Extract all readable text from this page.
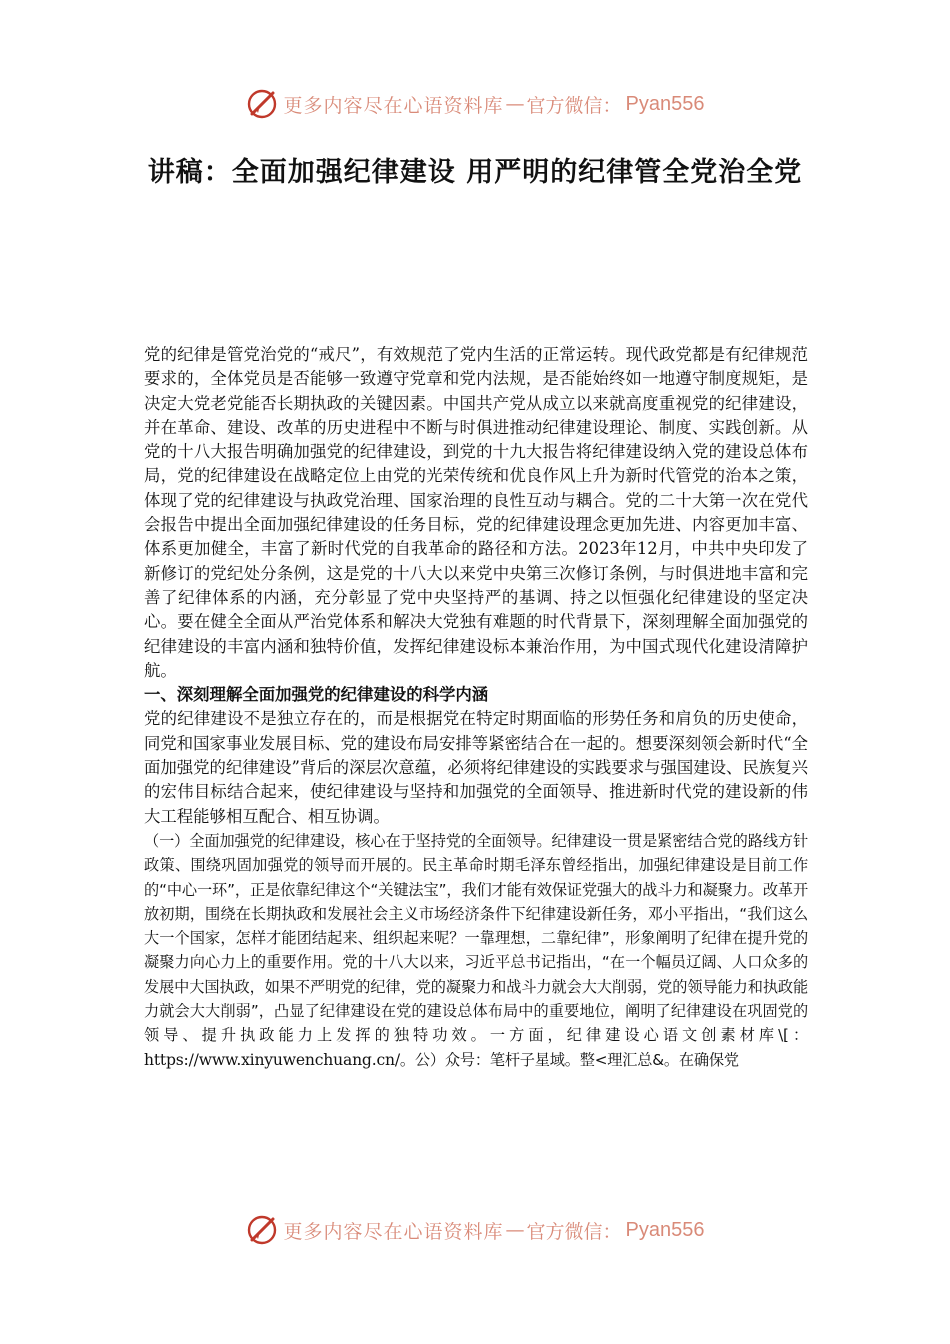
更多内容尽在心语资料库 — 官方微信： Pyan556
讲稿：全面加强纪律建设 用严明的纪律管全党治全党

党的纪律是管党治党的“戒尺”，有效规范了党内生活的正常运转。现代政党都是有纪律规范要求的，全体党员是否能够一致遵守党章和党内法规，是否能始终如一地遵守制度规矩，是决定大党老党能否长期执政的关键因素。中国共产党从成立以来就高度重视党的纪律建设，并在革命、建设、改革的历史进程中不断与时俱进推动纪律建设理论、制度、实践创新。从党的十八大报告明确加强党的纪律建设，到党的十九大报告将纪律建设纳入党的建设总体布局，党的纪律建设在战略定位上由党的光荣传统和优良作风上升为新时代管党的治本之策，体现了党的纪律建设与执政党治理、国家治理的良性互动与耦合。党的二十大第一次在党代会报告中提出全面加强纪律建设的任务目标，党的纪律建设理念更加先进、内容更加丰富、体系更加健全，丰富了新时代党的自我革命的路径和方法。2023年12月，中共中央印发了新修订的党纪处分条例，这是党的十八大以来党中央第三次修订条例，与时俱进地丰富和完善了纪律体系的内涵，充分彰显了党中央坚持严的基调、持之以恒强化纪律建设的坚定决心。要在健全全面从严治党体系和解决大党独有难题的时代背景下，深刻理解全面加强党的纪律建设的丰富内涵和独特价值，发挥纪律建设标本兼治作用，为中国式现代化建设清障护航。

一、深刻理解全面加强党的纪律建设的科学内涵

党的纪律建设不是独立存在的，而是根据党在特定时期面临的形势任务和肩负的历史使命，同党和国家事业发展目标、党的建设布局安排等紧密结合在一起的。想要深刻领会新时代“全面加强党的纪律建设”背后的深层次意蕴，必须将纪律建设的实践要求与强国建设、民族复兴的宏伟目标结合起来，使纪律建设与坚持和加强党的全面领导、推进新时代党的建设新的伟大工程能够相互配合、相互协调。

（一）全面加强党的纪律建设，核心在于坚持党的全面领导。纪律建设一贯是紧密结合党的路线方针政策、围绕巩固加强党的领导而开展的。民主革命时期毛泽东曾经指出，加强纪律建设是目前工作的“中心一环”，正是依靠纪律这个“关键法宝”，我们才能有效保证党强大的战斗力和凝聚力。改革开放初期，围绕在长期执政和发展社会主义市场经济条件下纪律建设新任务，邓小平指出，“我们这么大一个国家，怎样才能团结起来、组织起来呢？一靠理想，二靠纪律”，形象阐明了纪律在提升党的凝聚力向心力上的重要作用。党的十八大以来，习近平总书记指出，“在一个幅员辽阔、人口众多的发展中大国执政，如果不严明党的纪律，党的凝聚力和战斗力就会大大削弱，党的领导能力和执政能力就会大大削弱”，凸显了纪律建设在党的建设总体布局中的重要地位，阐明了纪律建设在巩固党的领导、提升执政能力上发挥的独特功效。一方面，纪律建设心语文创素材库\[：https://www.xinyuwenchuang.cn/。公）众号：笔杆子星域。整<理汇总&。在确保党

更多内容尽在心语资料库 — 官方微信： Pyan556
